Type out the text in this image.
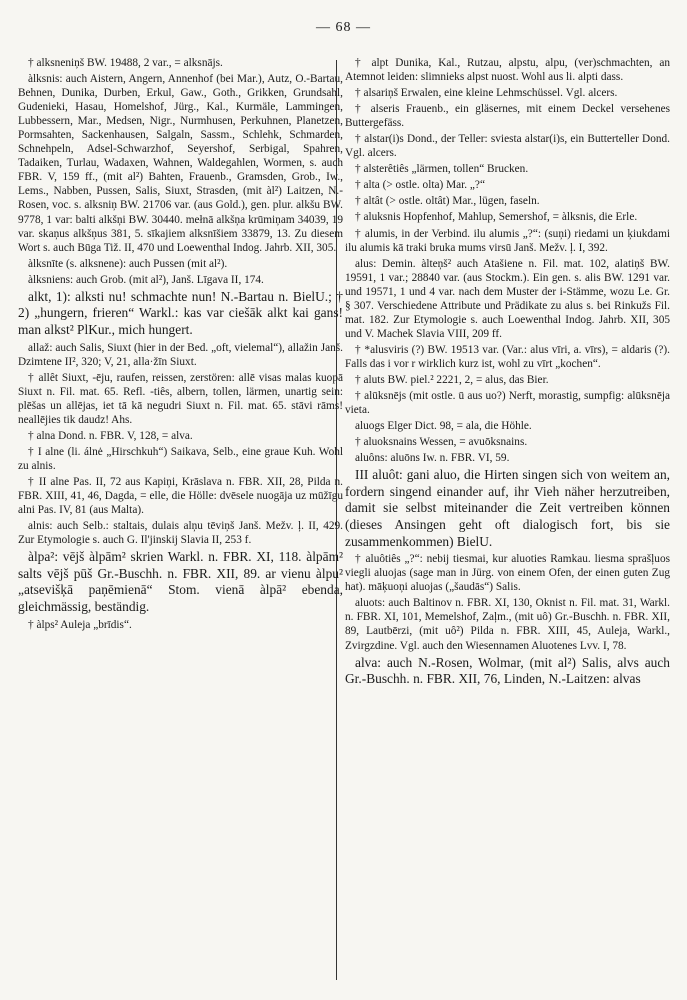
— 68 —

† alksneniņš BW. 19488, 2 var., = alksnājs.

àlksnis: auch Aistern, Angern, Annenhof (bei Mar.), Autz, O.-Bartau, Behnen, Dunika, Durben, Erkul, Gaw., Goth., Grikken, Grundsahl, Gudenieki, Hasau, Homelshof, Jürg., Kal., Kurmäle, Lammingen, Lubbessern, Mar., Medsen, Nigr., Nurmhusen, Perkuhnen, Planetzen, Pormsahten, Sackenhausen, Salgaln, Sassm., Schlehk, Schmarden, Schnehpeln, Adsel-Schwarzhof, Seyershof, Serbigal, Spahren, Tadaiken, Turlau, Wadaxen, Wahnen, Waldegahlen, Wormen, s. auch FBR. V, 159 ff., (mit al²) Bahten, Frauenb., Gramsden, Grob., Iw., Lems., Nabben, Pussen, Salis, Siuxt, Strasden, (mit àl²) Laitzen, N.-Rosen, voc. s. alksniņ BW. 21706 var. (aus Gold.), gen. plur. alkšu BW. 9778, 1 var: balti alkšņi BW. 30440. mełnā alkšņa krūmiņam 34039, 19 var. skaņus alkšņus 381, 5. sīkajiem alksnīšiem 33879, 13. Zu diesem Wort s. auch Būga Tiž. II, 470 und Loewenthal Indog. Jahrb. XII, 305.

àlksnīte (s. alksnene): auch Pussen (mit al²).

àlksniens: auch Grob. (mit al²), Janš. Līgava II, 174.

alkt, 1): alksti nu! schmachte nun! N.-Bartau n. BielU.; † 2) „hungern, frieren“ Warkl.: kas var ciešāk alkt kai gans! man alkst² PlKur., mich hungert.

allaž: auch Salis, Siuxt (hier in der Bed. „oft, vielemal“), allažin Janš. Dzimtene II², 320; V, 21, alla·žīn Siuxt.

† allêt Siuxt, -ēju, raufen, reissen, zerstören: allē visas malas kuopā Siuxt n. Fil. mat. 65. Refl. -tiês, albern, tollen, lärmen, unartig sein: plēšas un allējas, iet tā kā negudri Siuxt n. Fil. mat. 65. stāvi rāms! neallējies tik daudz! Ahs.

† alna Dond. n. FBR. V, 128, = alva.

† I alne (li. álnė „Hirschkuh“) Saikava, Selb., eine graue Kuh. Wohl zu alnis.

† II alne Pas. II, 72 aus Kapiņi, Krāslava n. FBR. XII, 28, Pilda n. FBR. XIII, 41, 46, Dagda, = elle, die Hölle: dvēsele nuogāja uz mūžīgu alni Pas. IV, 81 (aus Malta).

alnis: auch Selb.: staltais, dulais alņu tēviņš Janš. Mežv. ļ. II, 429. Zur Etymologie s. auch G. Il'jinskij Slavia II, 253 f.

àlpa²: vējš àlpām² skrien Warkl. n. FBR. XI, 118. àlpām² salts vējš pūš Gr.-Buschh. n. FBR. XII, 89. ar vienu àlpu² „atsevišķā paņēmienā“ Stom. vienā àlpā² ebenda, gleichmässig, beständig.

† àlps² Auleja „brīdis“.

† alpt Dunika, Kal., Rutzau, alpstu, alpu, (ver)schmachten, an Atemnot leiden: slimnieks alpst nuost. Wohl aus li. alpti dass.

† alsariņš Erwalen, eine kleine Lehmschüssel. Vgl. alcers.

† alseris Frauenb., ein gläsernes, mit einem Deckel versehenes Buttergefäss.

† alstar(i)s Dond., der Teller: sviesta alstar(i)s, ein Butterteller Dond. Vgl. alcers.

† alsterêtiês „lärmen, tollen“ Brucken.

† alta (> ostle. olta) Mar. „?“

† altât (> ostle. oltât) Mar., lügen, faseln.

† aluksnis Hopfenhof, Mahlup, Semershof, = àlksnis, die Erle.

† alumis, in der Verbind. ilu alumis „?“: (suņi) riedami un ķiukdami ilu alumis kā traki bruka mums virsū Janš. Mežv. ļ. I, 392.

alus: Demin. àlteņš² auch Atašiene n. Fil. mat. 102, alatiņš BW. 19591, 1 var.; 28840 var. (aus Stockm.). Ein gen. s. alis BW. 1291 var. und 19571, 1 und 4 var. nach dem Muster der i-Stämme, wozu Le. Gr. § 307. Verschiedene Attribute und Prädikate zu alus s. bei Rinkužs Fil. mat. 182. Zur Etymologie s. auch Loewenthal Indog. Jahrb. XII, 305 und V. Machek Slavia VIII, 209 ff.

† *alusviris (?) BW. 19513 var. (Var.: alus vīri, a. vīrs), = aldaris (?). Falls das i vor r wirklich kurz ist, wohl zu vīrt „kochen“.

† aluts BW. piel.² 2221, 2, = alus, das Bier.

† alūksnējs (mit ostle. ū aus uo?) Nerft, morastig, sumpfig: alūksnēja vieta.

aluogs Elger Dict. 98, = ala, die Höhle.

† aluoksnains Wessen, = avuōksnains.

aluôns: aluōns Iw. n. FBR. VI, 59.

III aluôt: gani aluo, die Hirten singen sich von weitem an, fordern singend einander auf, ihr Vieh näher herzutreiben, damit sie selbst miteinander die Zeit vertreiben können (dieses Ansingen geht oft dialogisch fort, bis sie zusammenkommen) BielU.

† aluôtiês „?“: nebij tiesmai, kur aluoties Ramkau. liesma sprašļuos viegli aluojas (sage man in Jürg. von einem Ofen, der einen guten Zug hat). māķuoņi aluojas („šaudās“) Salis.

aluots: auch Baltinov n. FBR. XI, 130, Oknist n. Fil. mat. 31, Warkl. n. FBR. XI, 101, Memelshof, Zaļm., (mit uô) Gr.-Buschh. n. FBR. XII, 89, Lautbērzi, (mit uô²) Pilda n. FBR. XIII, 45, Auleja, Warkl., Zvirgzdine. Vgl. auch den Wiesennamen Aluotenes Lvv. I, 78.

alva: auch N.-Rosen, Wolmar, (mit al²) Salis, alvs auch Gr.-Buschh. n. FBR. XII, 76, Linden, N.-Laitzen: alvas
